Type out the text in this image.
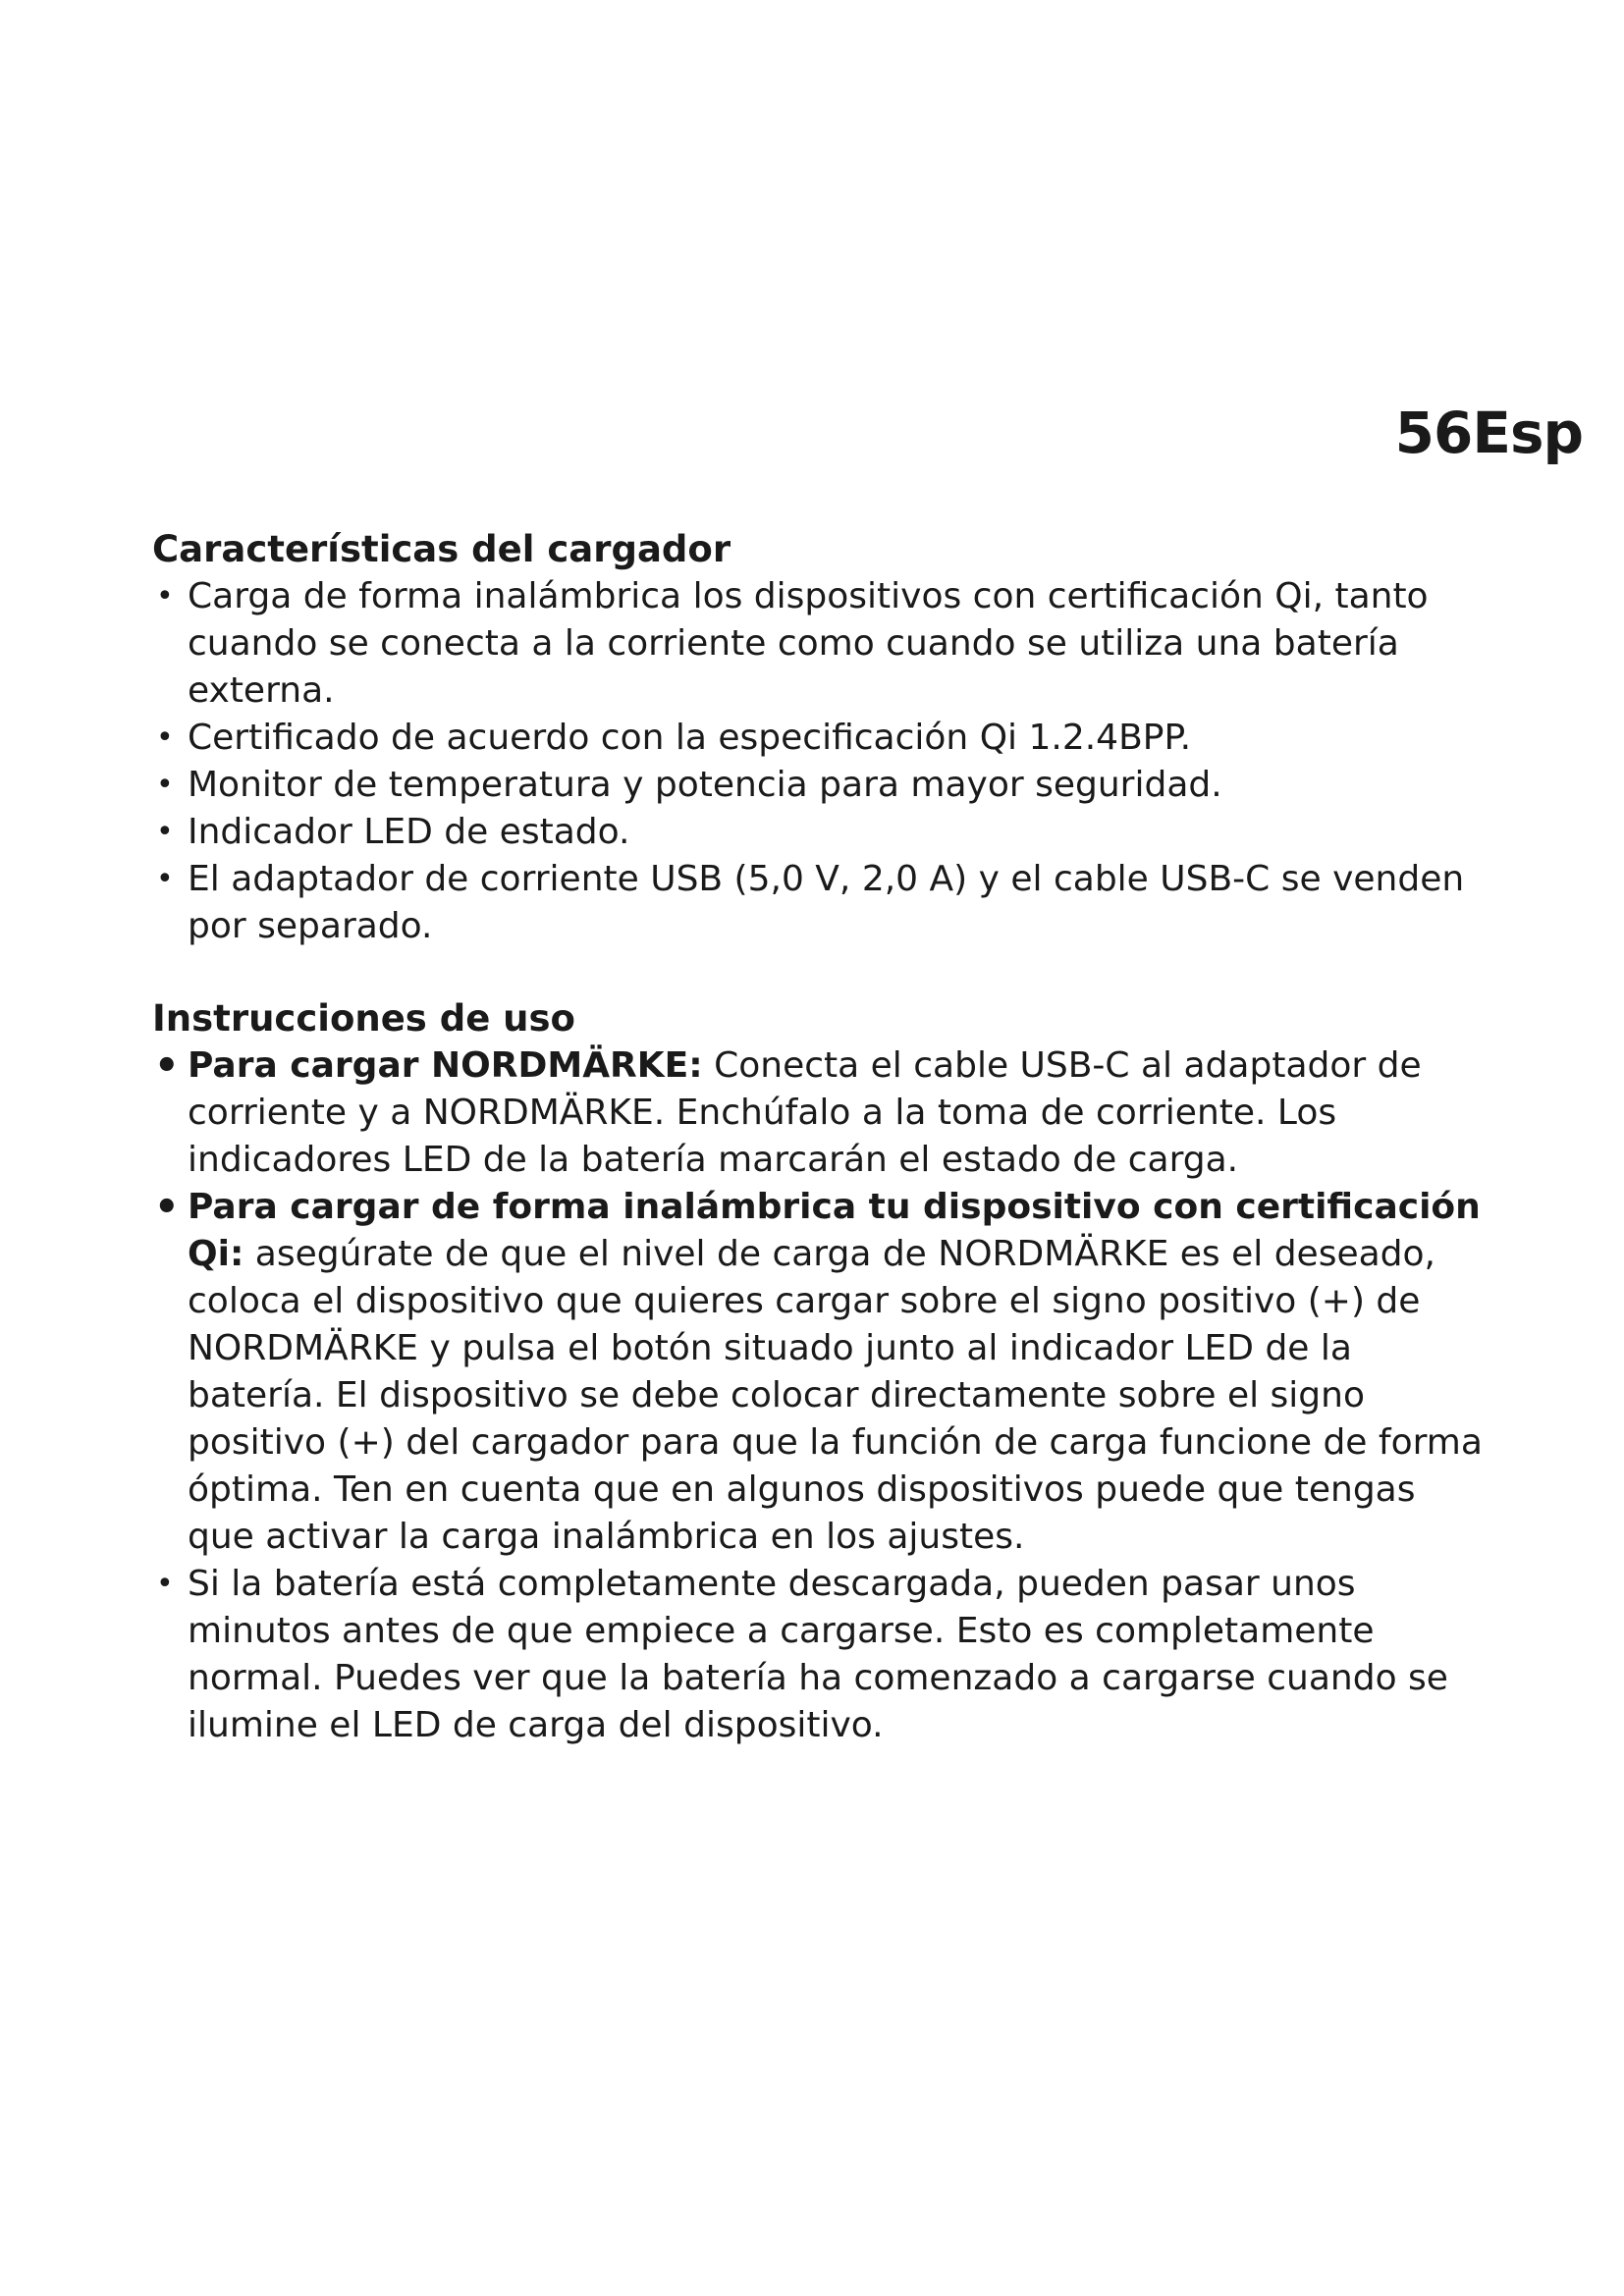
56Esp
Características del cargador
• Carga de forma inalámbrica los dispositivos con certificación Qi, tanto cuando se conecta a la corriente como cuando se utiliza una batería externa.
• Certificado de acuerdo con la especificación Qi 1.2.4BPP.
• Monitor de temperatura y potencia para mayor seguridad.
• Indicador LED de estado.
• El adaptador de corriente USB (5,0 V, 2,0 A) y el cable USB-C se venden por separado.
Instrucciones de uso
• Para cargar NORDMÄRKE: Conecta el cable USB-C al adaptador de corriente y a NORDMÄRKE. Enchúfalo a la toma de corriente. Los indicadores LED de la batería marcarán el estado de carga.
• Para cargar de forma inalámbrica tu dispositivo con certificación Qi: asegúrate de que el nivel de carga de NORDMÄRKE es el deseado, coloca el dispositivo que quieres cargar sobre el signo positivo (+) de NORDMÄRKE y pulsa el botón situado junto al indicador LED de la batería. El dispositivo se debe colocar directamente sobre el signo positivo (+) del cargador para que la función de carga funcione de forma óptima. Ten en cuenta que en algunos dispositivos puede que tengas que activar la carga inalámbrica en los ajustes.
• Si la batería está completamente descargada, pueden pasar unos minutos antes de que empiece a cargarse. Esto es completamente normal. Puedes ver que la batería ha comenzado a cargarse cuando se ilumine el LED de carga del dispositivo.
